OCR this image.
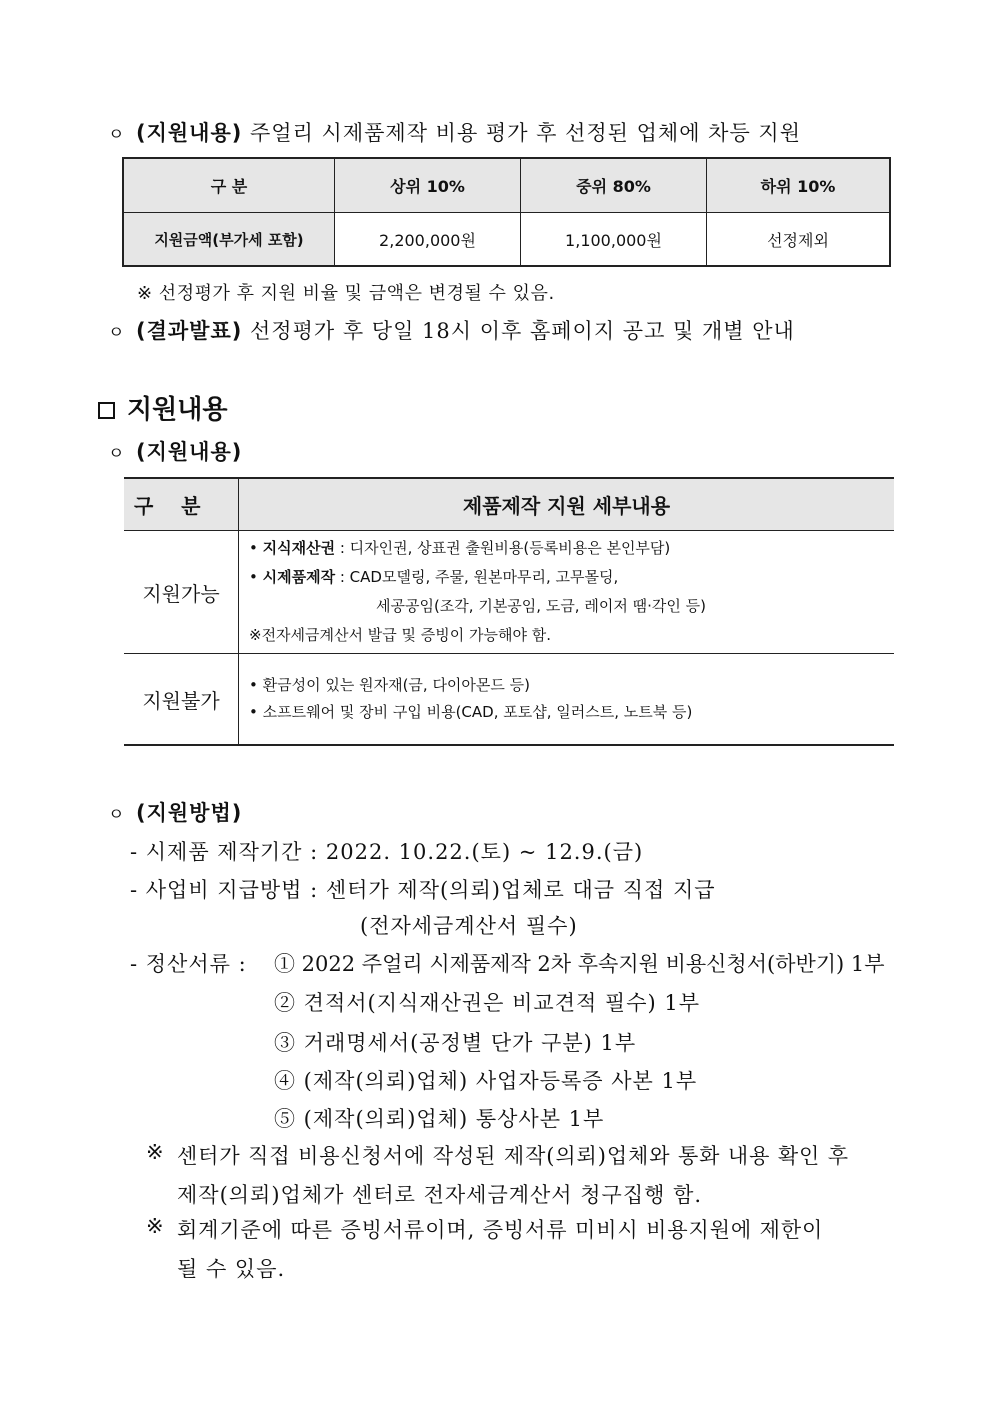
ㅇ (지원내용) 주얼리 시제품제작 비용 평가 후 선정된 업체에 차등 지원
구 분	상위 10%	중위 80%	하위 10%
지원금액(부가세 포함)	2,200,000원	1,100,000원	선정제외
※ 선정평가 후 지원 비율 및 금액은 변경될 수 있음.
ㅇ (결과발표) 선정평가 후 당일 18시 이후 홈페이지 공고 및 개별 안내
지원내용
ㅇ (지원내용)
구    분	제품제작 지원 세부내용
지원가능	• 지식재산권 : 디자인권, 상표권 출원비용(등록비용은 본인부담)
• 시제품제작 : CAD모델링, 주물, 원본마무리, 고무몰딩,
세공공임(조각, 기본공임, 도금, 레이저 땜·각인 등)
※전자세금계산서 발급 및 증빙이 가능해야 함.

지원불가	• 환금성이 있는 원자재(금, 다이아몬드 등)
• 소프트웨어 및 장비 구입 비용(CAD, 포토샵, 일러스트, 노트북 등)
ㅇ (지원방법)
- 시제품 제작기간 : 2022. 10.22.(토) ~ 12.9.(금)
- 사업비 지급방법 : 센터가 제작(의뢰)업체로 대금 직접 지급
(전자세금계산서 필수)
- 정산서류 : ① 2022 주얼리 시제품제작 2차 후속지원 비용신청서(하반기) 1부
② 견적서(지식재산권은 비교견적 필수) 1부
③ 거래명세서(공정별 단가 구분) 1부
④ (제작(의뢰)업체) 사업자등록증 사본 1부
⑤ (제작(의뢰)업체) 통상사본 1부
※ 센터가 직접 비용신청서에 작성된 제작(의뢰)업체와 통화 내용 확인 후
제작(의뢰)업체가 센터로 전자세금계산서 청구집행 함.
※ 회계기준에 따른 증빙서류이며, 증빙서류 미비시 비용지원에 제한이
될 수 있음.
